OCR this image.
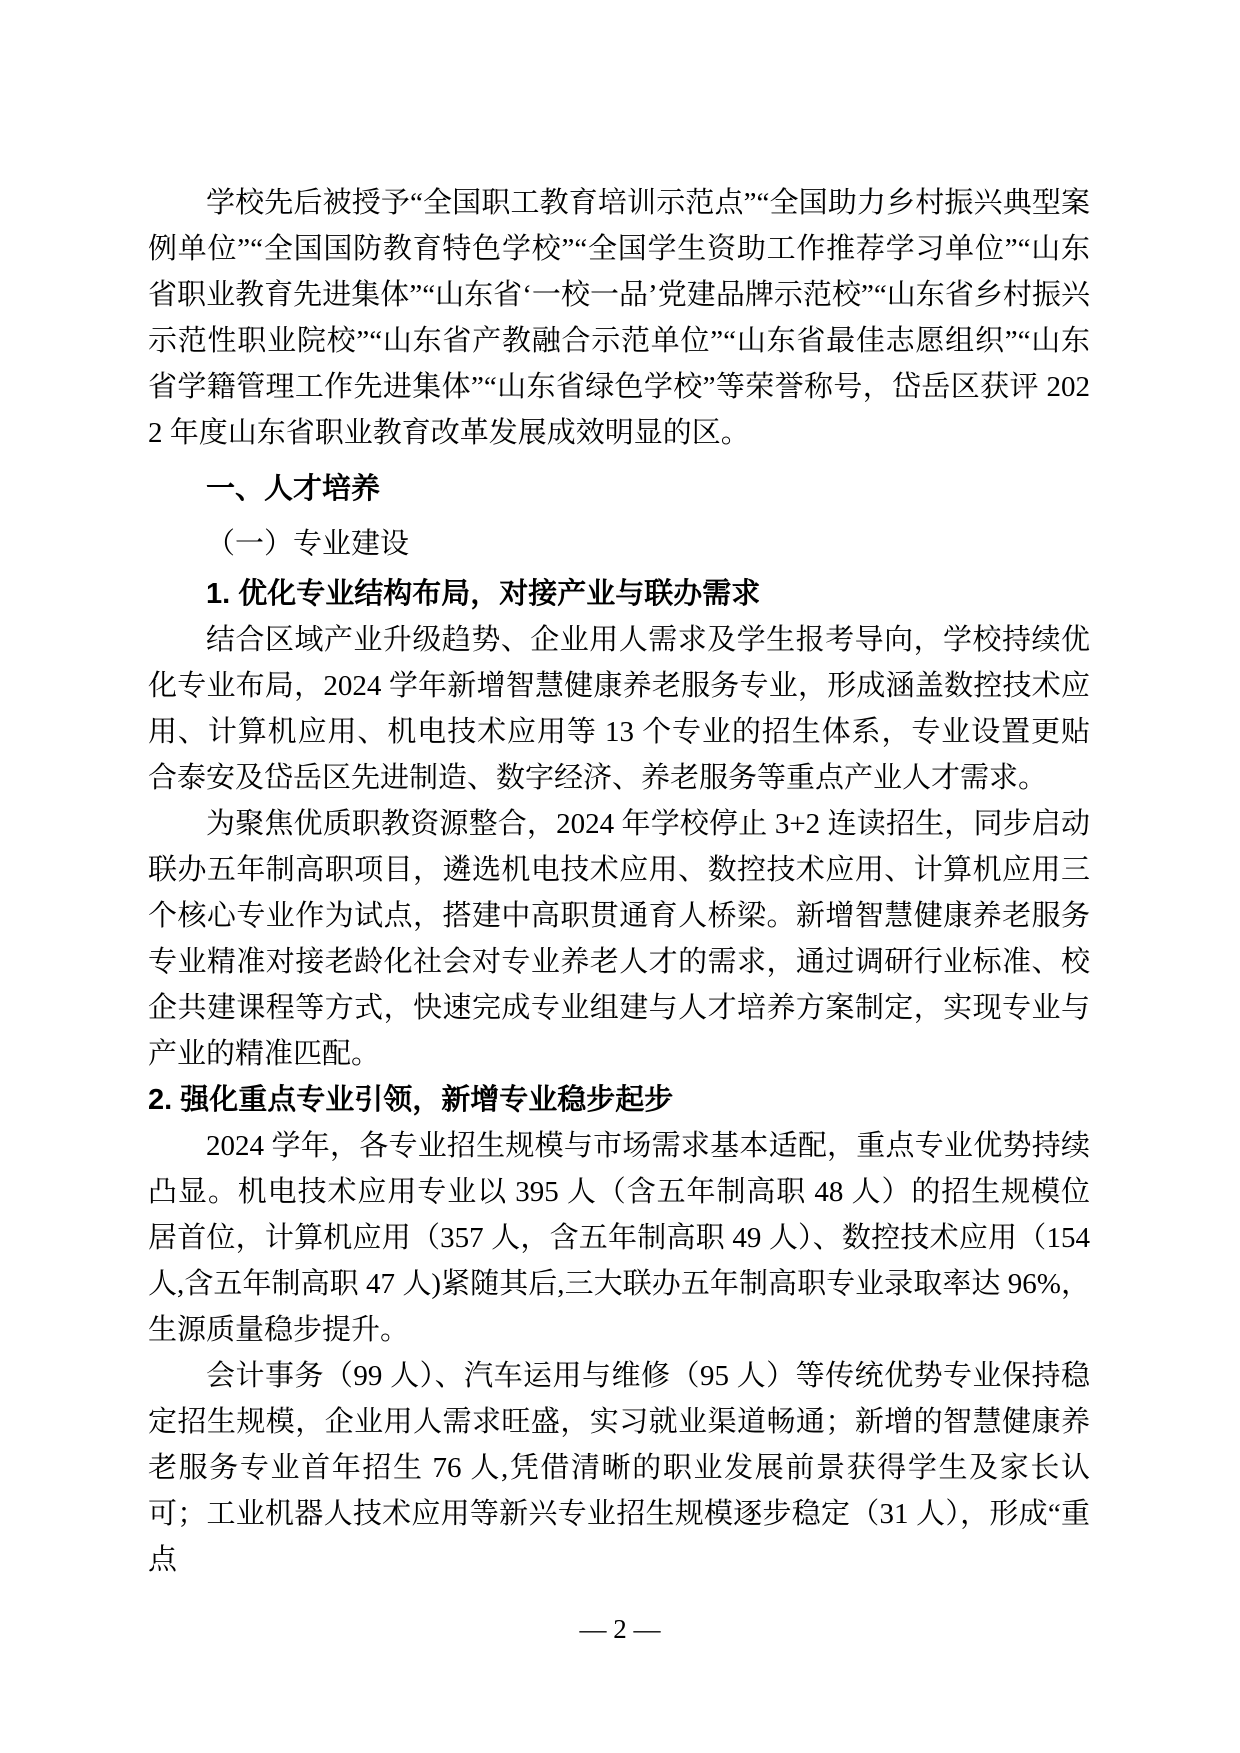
学校先后被授予“全国职工教育培训示范点”“全国助力乡村振兴典型案例单位”“全国国防教育特色学校”“全国学生资助工作推荐学习单位”“山东省职业教育先进集体”“山东省‘一校一品’党建品牌示范校”“山东省乡村振兴示范性职业院校”“山东省产教融合示范单位”“山东省最佳志愿组织”“山东省学籍管理工作先进集体”“山东省绿色学校”等荣誉称号，岱岳区获评 2022 年度山东省职业教育改革发展成效明显的区。

一、人才培养
（一）专业建设
1. 优化专业结构布局，对接产业与联办需求

结合区域产业升级趋势、企业用人需求及学生报考导向，学校持续优化专业布局，2024 学年新增智慧健康养老服务专业，形成涵盖数控技术应用、计算机应用、机电技术应用等 13 个专业的招生体系，专业设置更贴合泰安及岱岳区先进制造、数字经济、养老服务等重点产业人才需求。

为聚焦优质职教资源整合，2024 年学校停止 3+2 连读招生，同步启动联办五年制高职项目，遴选机电技术应用、数控技术应用、计算机应用三个核心专业作为试点，搭建中高职贯通育人桥梁。新增智慧健康养老服务专业精准对接老龄化社会对专业养老人才的需求，通过调研行业标准、校企共建课程等方式，快速完成专业组建与人才培养方案制定，实现专业与产业的精准匹配。

2. 强化重点专业引领，新增专业稳步起步

2024 学年，各专业招生规模与市场需求基本适配，重点专业优势持续凸显。机电技术应用专业以 395 人（含五年制高职 48 人）的招生规模位居首位，计算机应用（357 人，含五年制高职 49 人）、数控技术应用（154 人,含五年制高职 47 人)紧随其后,三大联办五年制高职专业录取率达 96%，生源质量稳步提升。

会计事务（99 人）、汽车运用与维修（95 人）等传统优势专业保持稳定招生规模，企业用人需求旺盛，实习就业渠道畅通；新增的智慧健康养老服务专业首年招生 76 人,凭借清晰的职业发展前景获得学生及家长认可；工业机器人技术应用等新兴专业招生规模逐步稳定（31 人），形成“重点

— 2 —
